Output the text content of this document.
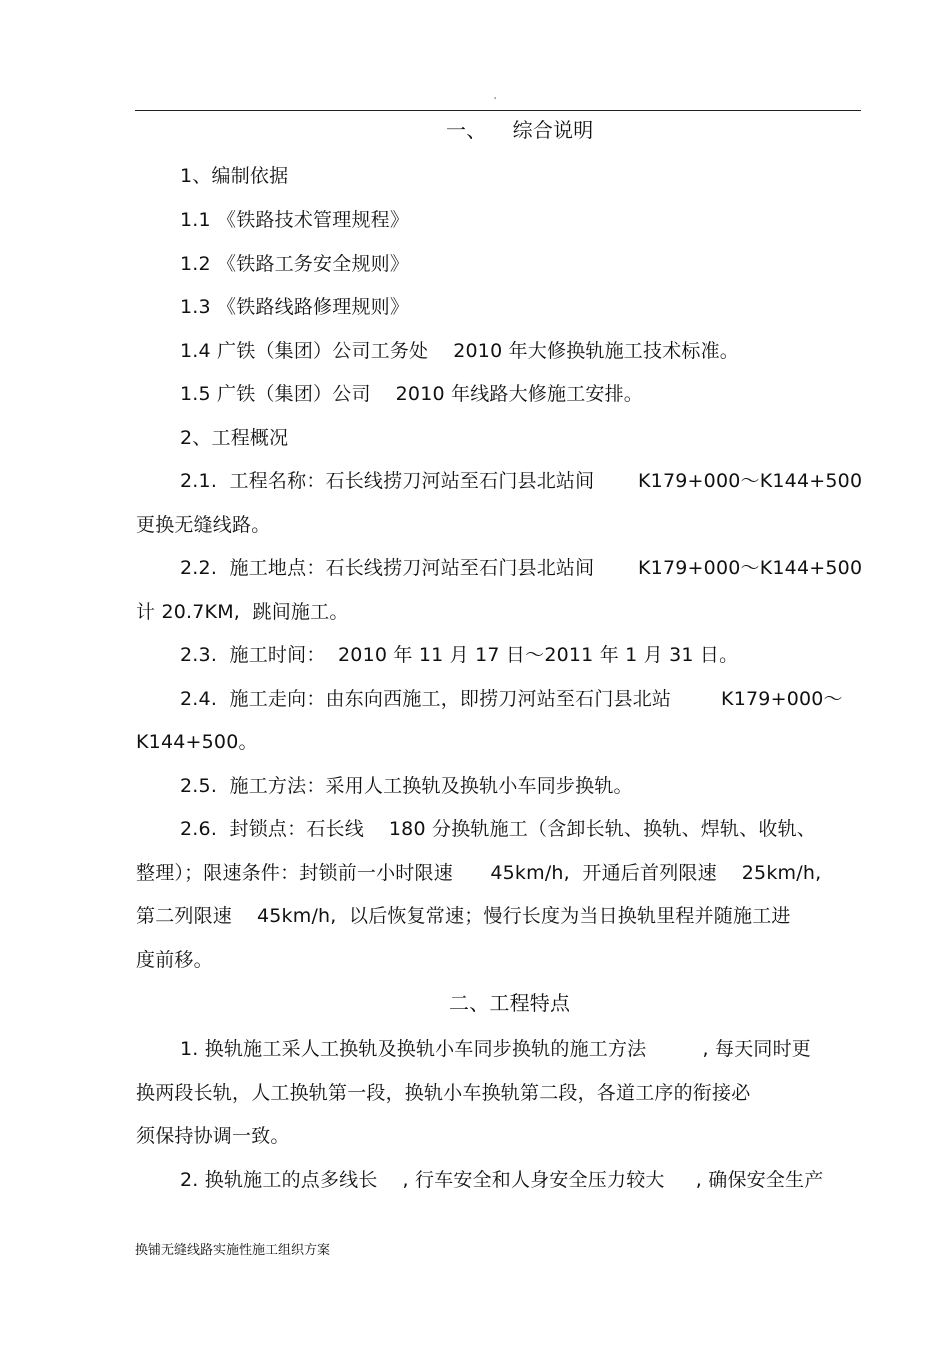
'
一、    综合说明
1、编制依据
1.1 《铁路技术管理规程》
1.2 《铁路工务安全规则》
1.3 《铁路线路修理规则》
1.4 广铁（集团）公司工务处    2010 年大修换轨施工技术标准。
1.5 广铁（集团）公司    2010 年线路大修施工安排。
2、工程概况
2.1.  工程名称：石长线捞刀河站至石门县北站间       K179+000～K144+500
更换无缝线路。
2.2.  施工地点：石长线捞刀河站至石门县北站间       K179+000～K144+500
计 20.7KM,  跳间施工。
2.3.  施工时间：  2010 年 11 月 17 日～2011 年 1 月 31 日。
2.4.  施工走向：由东向西施工，即捞刀河站至石门县北站        K179+000～
K144+500。
2.5.  施工方法：采用人工换轨及换轨小车同步换轨。
2.6.  封锁点：石长线    180 分换轨施工（含卸长轨、换轨、焊轨、收轨、
整理）；限速条件：封锁前一小时限速      45km/h,  开通后首列限速    25km/h,
第二列限速    45km/h,  以后恢复常速；慢行长度为当日换轨里程并随施工进
度前移。
二、工程特点
1. 换轨施工采人工换轨及换轨小车同步换轨的施工方法         , 每天同时更
换两段长轨，人工换轨第一段，换轨小车换轨第二段，各道工序的衔接必
须保持协调一致。
2. 换轨施工的点多线长    , 行车安全和人身安全压力较大     , 确保安全生产
换铺无缝线路实施性施工组织方案
